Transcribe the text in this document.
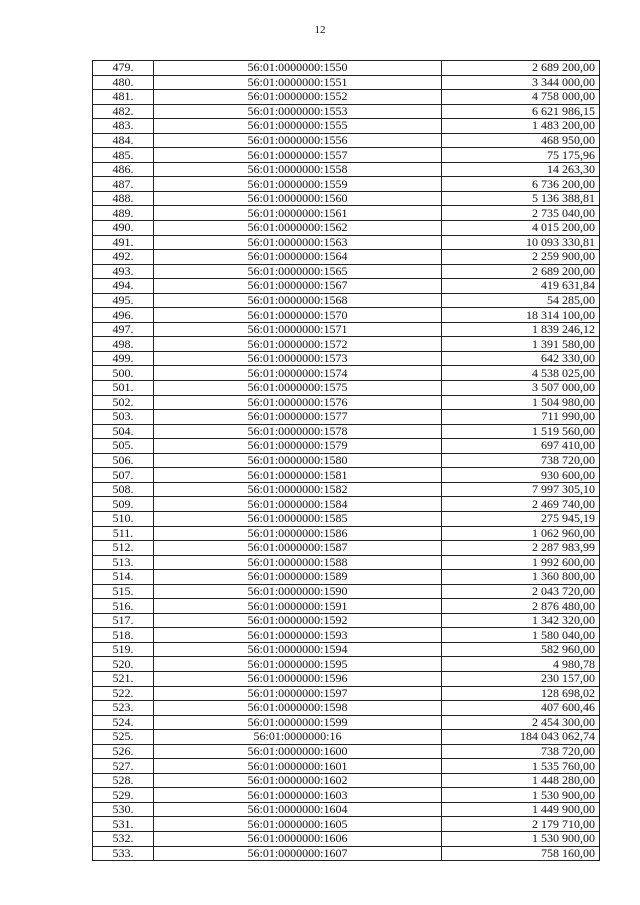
12
479.	56:01:0000000:1550	2 689 200,00
480.	56:01:0000000:1551	3 344 000,00
481.	56:01:0000000:1552	4 758 000,00
482.	56:01:0000000:1553	6 621 986,15
483.	56:01:0000000:1555	1 483 200,00
484.	56:01:0000000:1556	468 950,00
485.	56:01:0000000:1557	75 175,96
486.	56:01:0000000:1558	14 263,30
487.	56:01:0000000:1559	6 736 200,00
488.	56:01:0000000:1560	5 136 388,81
489.	56:01:0000000:1561	2 735 040,00
490.	56:01:0000000:1562	4 015 200,00
491.	56:01:0000000:1563	10 093 330,81
492.	56:01:0000000:1564	2 259 900,00
493.	56:01:0000000:1565	2 689 200,00
494.	56:01:0000000:1567	419 631,84
495.	56:01:0000000:1568	54 285,00
496.	56:01:0000000:1570	18 314 100,00
497.	56:01:0000000:1571	1 839 246,12
498.	56:01:0000000:1572	1 391 580,00
499.	56:01:0000000:1573	642 330,00
500.	56:01:0000000:1574	4 538 025,00
501.	56:01:0000000:1575	3 507 000,00
502.	56:01:0000000:1576	1 504 980,00
503.	56:01:0000000:1577	711 990,00
504.	56:01:0000000:1578	1 519 560,00
505.	56:01:0000000:1579	697 410,00
506.	56:01:0000000:1580	738 720,00
507.	56:01:0000000:1581	930 600,00
508.	56:01:0000000:1582	7 997 305,10
509.	56:01:0000000:1584	2 469 740,00
510.	56:01:0000000:1585	275 945,19
511.	56:01:0000000:1586	1 062 960,00
512.	56:01:0000000:1587	2 287 983,99
513.	56:01:0000000:1588	1 992 600,00
514.	56:01:0000000:1589	1 360 800,00
515.	56:01:0000000:1590	2 043 720,00
516.	56:01:0000000:1591	2 876 480,00
517.	56:01:0000000:1592	1 342 320,00
518.	56:01:0000000:1593	1 580 040,00
519.	56:01:0000000:1594	582 960,00
520.	56:01:0000000:1595	4 980,78
521.	56:01:0000000:1596	230 157,00
522.	56:01:0000000:1597	128 698,02
523.	56:01:0000000:1598	407 600,46
524.	56:01:0000000:1599	2 454 300,00
525.	56:01:0000000:16	184 043 062,74
526.	56:01:0000000:1600	738 720,00
527.	56:01:0000000:1601	1 535 760,00
528.	56:01:0000000:1602	1 448 280,00
529.	56:01:0000000:1603	1 530 900,00
530.	56:01:0000000:1604	1 449 900,00
531.	56:01:0000000:1605	2 179 710,00
532.	56:01:0000000:1606	1 530 900,00
533.	56:01:0000000:1607	758 160,00
